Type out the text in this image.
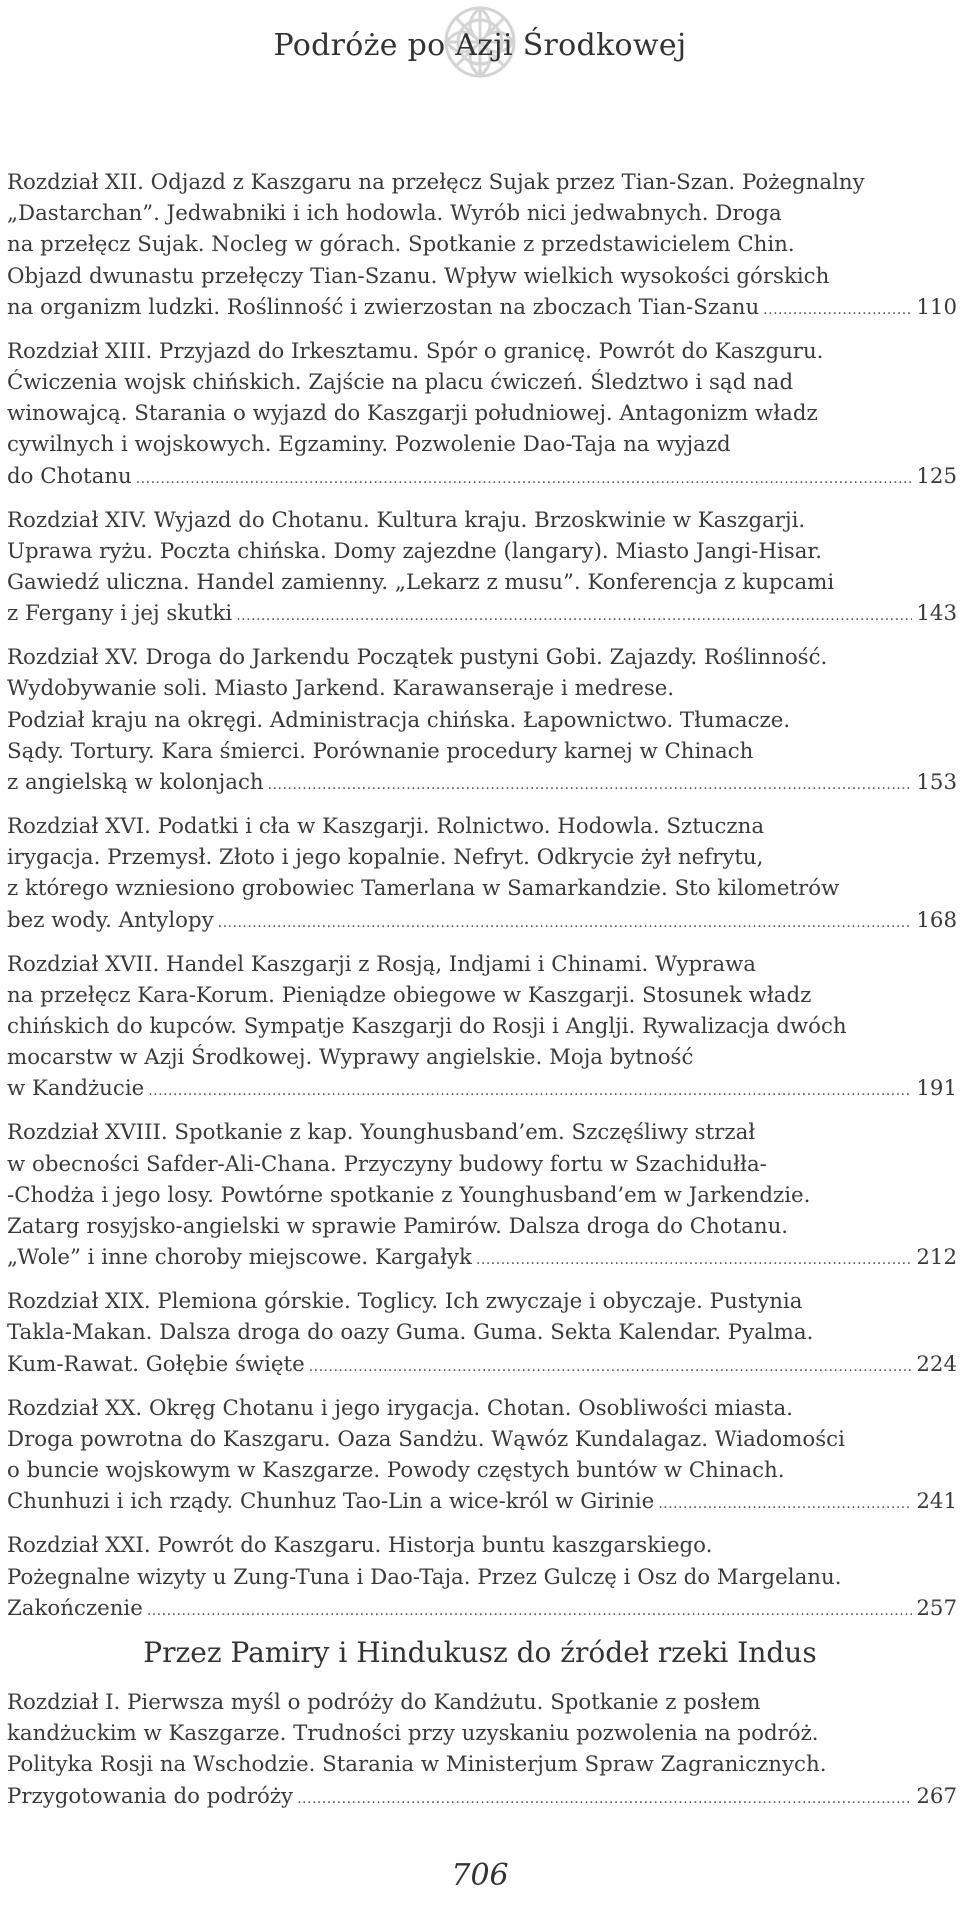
Podróże po Azji Środkowej
Rozdział XII. Odjazd z Kaszgaru na przełęcz Sujak przez Tian-Szan. Pożegnalny
„Dastarchan”. Jedwabniki i ich hodowla. Wyrób nici jedwabnych. Droga
na przełęcz Sujak. Nocleg w górach. Spotkanie z przedstawicielem Chin.
Objazd dwunastu przełęczy Tian-Szanu. Wpływ wielkich wysokości górskich
na organizm ludzki. Roślinność i zwierzostan na zboczach Tian-Szanu .....	110
Rozdział XIII. Przyjazd do Irkesztamu. Spór o granicę. Powrót do Kaszguru.
Ćwiczenia wojsk chińskich. Zajście na placu ćwiczeń. Śledztwo i sąd nad
winowajcą. Starania o wyjazd do Kaszgarji południowej. Antagonizm władz
cywilnych i wojskowych. Egzaminy. Pozwolenie Dao-Taja na wyjazd
do Chotanu .....	125
Rozdział XIV. Wyjazd do Chotanu. Kultura kraju. Brzoskwinie w Kaszgarji.
Uprawa ryżu. Poczta chińska. Domy zajezdne (langary). Miasto Jangi-Hisar.
Gawiedź uliczna. Handel zamienny. „Lekarz z musu”. Konferencja z kupcami
z Fergany i jej skutki .....	143
Rozdział XV. Droga do Jarkendu Początek pustyni Gobi. Zajazdy. Roślinność.
Wydobywanie soli. Miasto Jarkend. Karawanseraje i medrese.
Podział kraju na okręgi. Administracja chińska. Łapownictwo. Tłumacze.
Sądy. Tortury. Kara śmierci. Porównanie procedury karnej w Chinach
z angielską w kolonjach .....	153
Rozdział XVI. Podatki i cła w Kaszgarji. Rolnictwo. Hodowla. Sztuczna
irygacja. Przemysł. Złoto i jego kopalnie. Nefryt. Odkrycie żył nefrytu,
z którego wzniesiono grobowiec Tamerlana w Samarkandzie. Sto kilometrów
bez wody. Antylopy .....	168
Rozdział XVII. Handel Kaszgarji z Rosją, Indjami i Chinami. Wyprawa
na przełęcz Kara-Korum. Pieniądze obiegowe w Kaszgarji. Stosunek władz
chińskich do kupców. Sympatje Kaszgarji do Rosji i Anglji. Rywalizacja dwóch
mocarstw w Azji Środkowej. Wyprawy angielskie. Moja bytność
w Kandżucie .....	191
Rozdział XVIII. Spotkanie z kap. Younghusband’em. Szczęśliwy strzał
w obecności Safder-Ali-Chana. Przyczyny budowy fortu w Szachidułła-
-Chodża i jego losy. Powtórne spotkanie z Younghusband’em w Jarkendzie.
Zatarg rosyjsko-angielski w sprawie Pamirów. Dalsza droga do Chotanu.
„Wole” i inne choroby miejscowe. Kargałyk .....	212
Rozdział XIX. Plemiona górskie. Toglicy. Ich zwyczaje i obyczaje. Pustynia
Takla-Makan. Dalsza droga do oazy Guma. Guma. Sekta Kalendar. Pyalma.
Kum-Rawat. Gołębie święte .....	224
Rozdział XX. Okręg Chotanu i jego irygacja. Chotan. Osobliwości miasta.
Droga powrotna do Kaszgaru. Oaza Sandżu. Wąwóz Kundalagaz. Wiadomości
o buncie wojskowym w Kaszgarze. Powody częstych buntów w Chinach.
Chunhuzi i ich rządy. Chunhuz Tao-Lin a wice-król w Girinie .....	241
Rozdział XXI. Powrót do Kaszgaru. Historja buntu kaszgarskiego.
Pożegnalne wizyty u Zung-Tuna i Dao-Taja. Przez Gulczę i Osz do Margelanu.
Zakończenie .....	257
Przez Pamiry i Hindukusz do źródeł rzeki Indus
Rozdział I. Pierwsza myśl o podróży do Kandżutu. Spotkanie z posłem
kandżuckim w Kaszgarze. Trudności przy uzyskaniu pozwolenia na podróż.
Polityka Rosji na Wschodzie. Starania w Ministerjum Spraw Zagranicznych.
Przygotowania do podróży .....	267
706
